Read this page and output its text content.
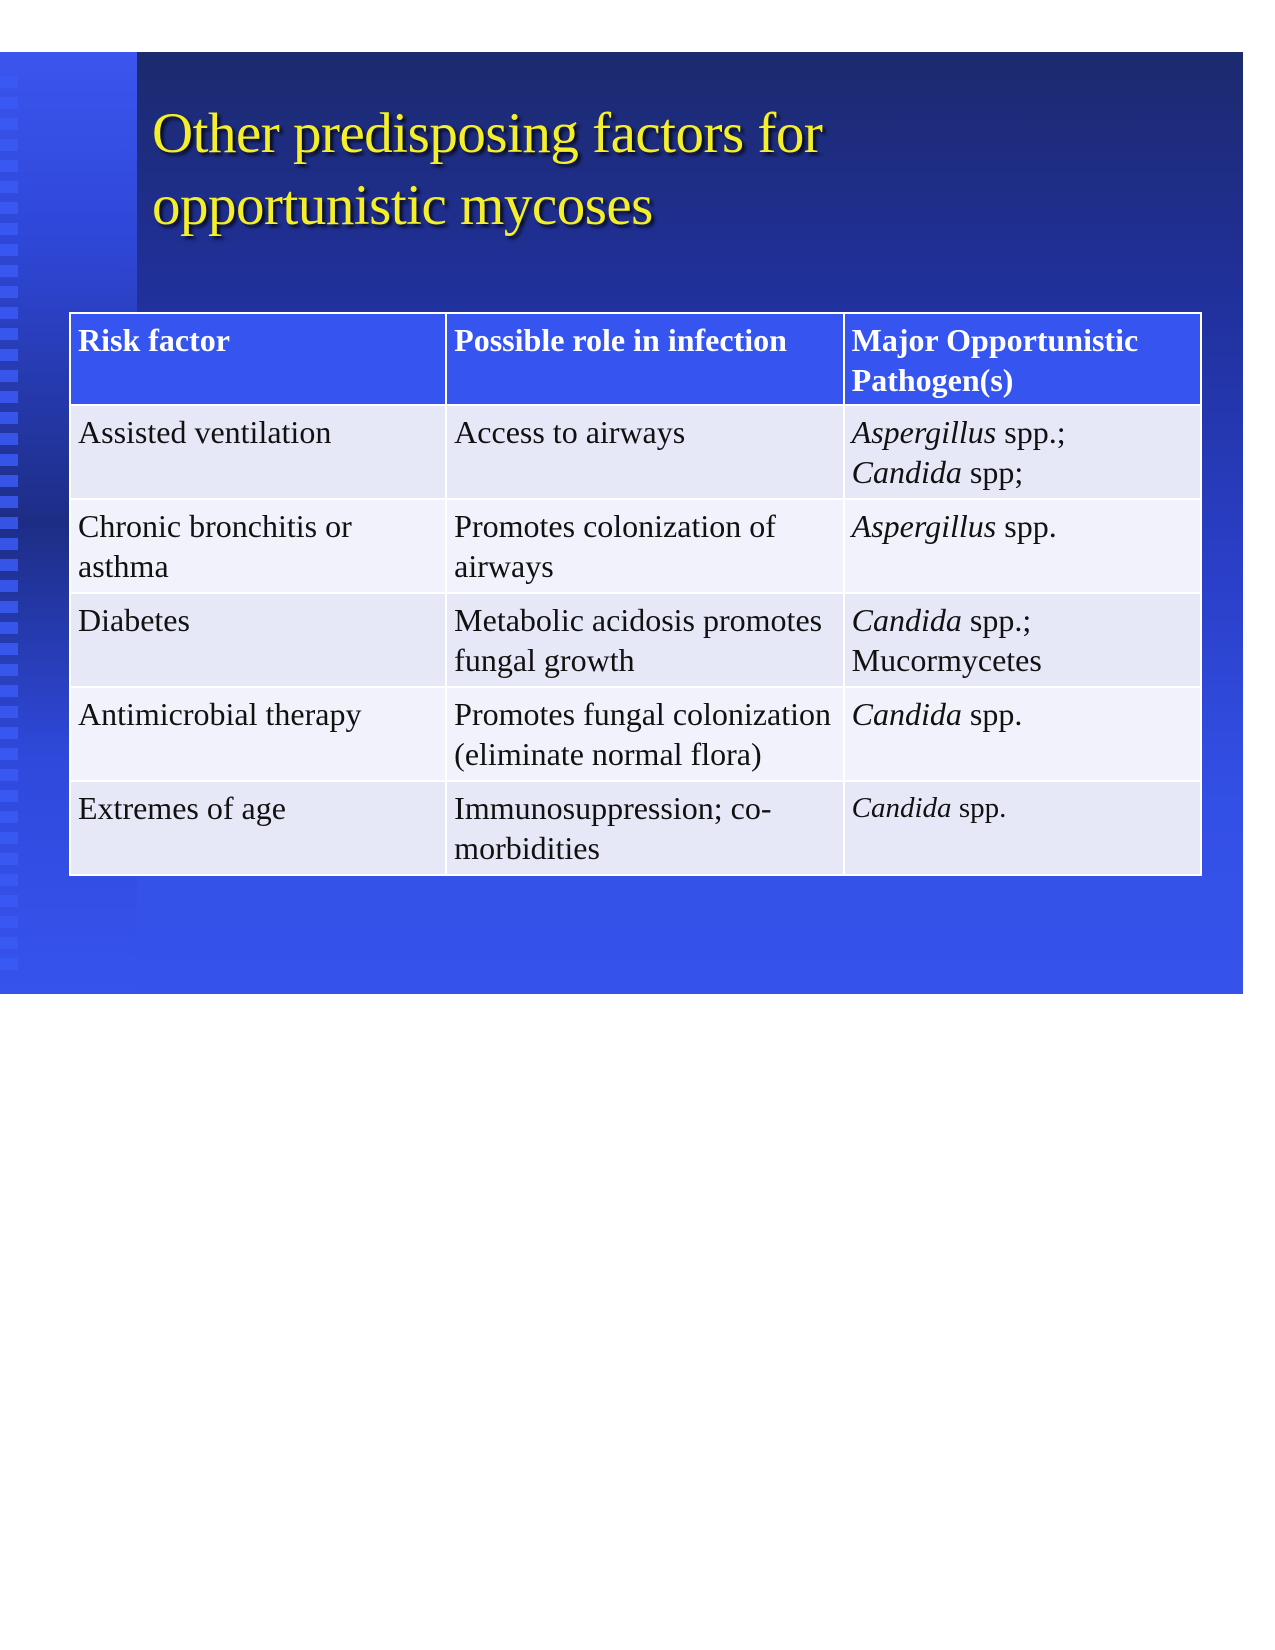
Other predisposing factors for
opportunistic mycoses
Risk factor	Possible role in infection	Major Opportunistic Pathogen(s)
Assisted ventilation	Access to airways	Aspergillus spp.;
Candida spp;
Chronic bronchitis or asthma	Promotes colonization of airways	Aspergillus spp.
Diabetes	Metabolic acidosis promotes fungal growth	Candida spp.;
Mucormycetes
Antimicrobial therapy	Promotes fungal colonization (eliminate normal flora)	Candida spp.
Extremes of age	Immunosuppression; co-morbidities	Candida spp.
